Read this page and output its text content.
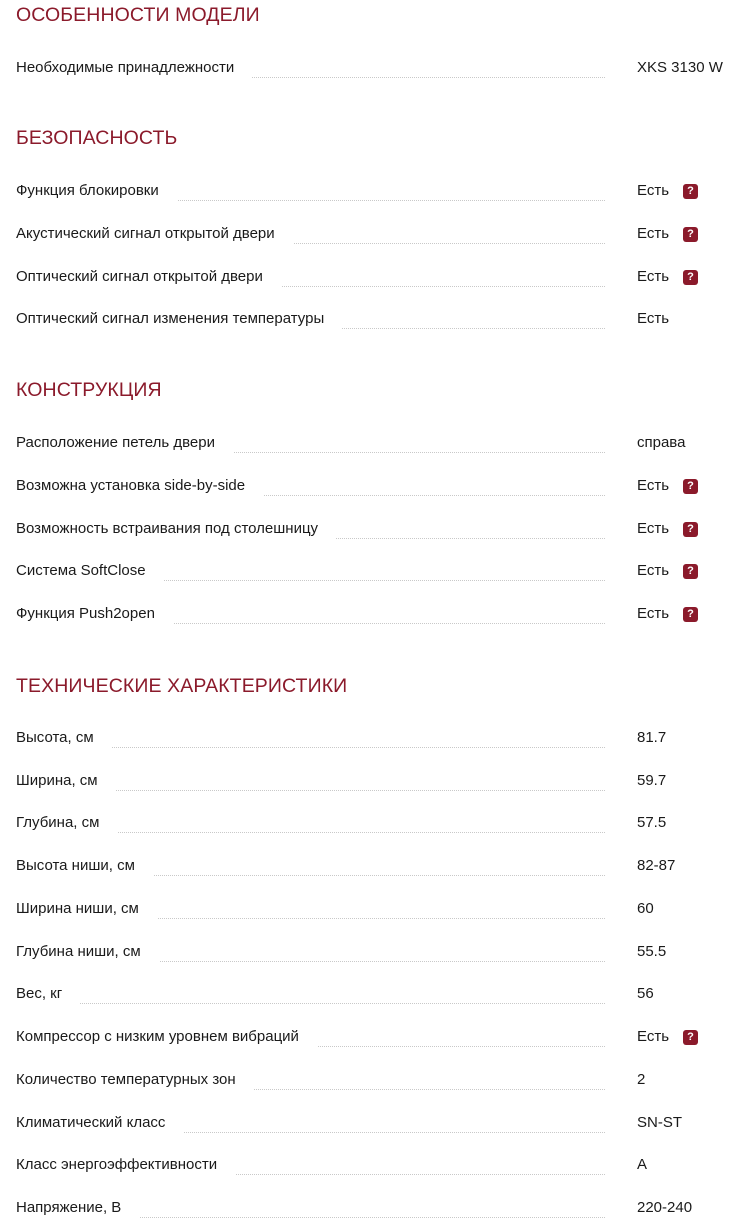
ОСОБЕННОСТИ МОДЕЛИ
Необходимые принадлежности	XKS 3130 W
БЕЗОПАСНОСТЬ
Функция блокировки	Есть	?
Акустический сигнал открытой двери	Есть	?
Оптический сигнал открытой двери	Есть	?
Оптический сигнал изменения температуры	Есть
КОНСТРУКЦИЯ
Расположение петель двери	справа
Возможна установка side-by-side	Есть	?
Возможность встраивания под столешницу	Есть	?
Система SoftClose	Есть	?
Функция Push2open	Есть	?
ТЕХНИЧЕСКИЕ ХАРАКТЕРИСТИКИ
Высота, см	81.7
Ширина, см	59.7
Глубина, см	57.5
Высота ниши, см	82-87
Ширина ниши, см	60
Глубина ниши, см	55.5
Вес, кг	56
Компрессор с низким уровнем вибраций	Есть	?
Количество температурных зон	2
Климатический класс	SN-ST
Класс энергоэффективности	A
Напряжение, В	220-240
